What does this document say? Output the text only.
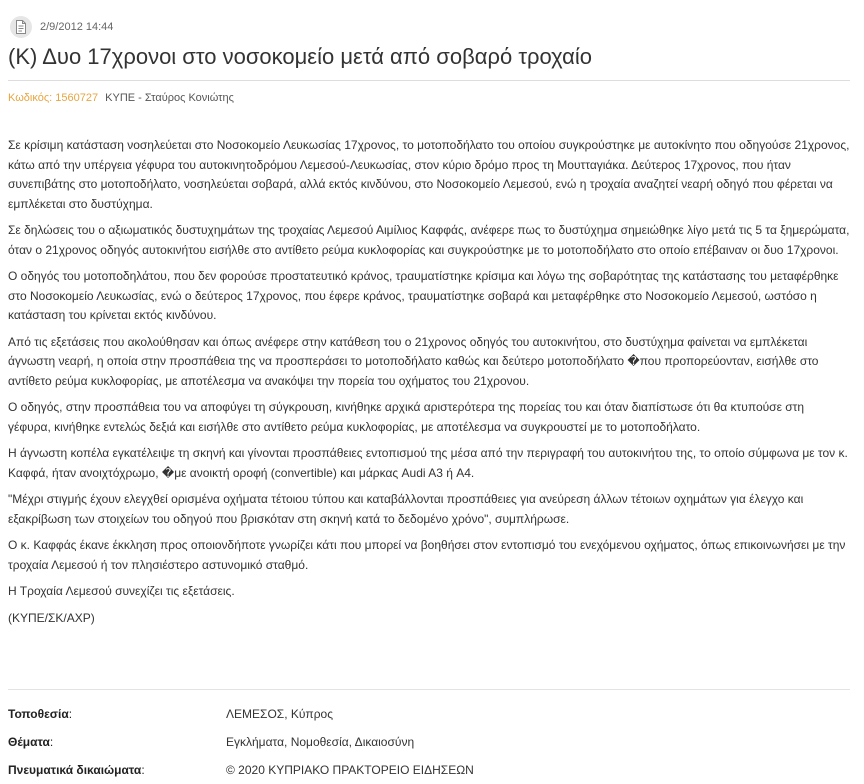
2/9/2012 14:44
(Κ) Δυο 17χρονοι στο νοσοκομείο μετά από σοβαρό τροχαίο
Κωδικός: 1560727 ΚΥΠΕ - Σταύρος Κονιώτης

Σε κρίσιμη κατάσταση νοσηλεύεται στο Νοσοκομείο Λευκωσίας 17χρονος, το μοτοποδήλατο του οποίου συγκρούστηκε με αυτοκίνητο που οδηγούσε 21χρονος, κάτω από την υπέργεια γέφυρα του αυτοκινητοδρόμου Λεμεσού-Λευκωσίας, στον κύριο δρόμο προς τη Μουτταγιάκα. Δεύτερος 17χρονος, που ήταν συνεπιβάτης στο μοτοποδήλατο, νοσηλεύεται σοβαρά, αλλά εκτός κινδύνου, στο Νοσοκομείο Λεμεσού, ενώ η τροχαία αναζητεί νεαρή οδηγό που φέρεται να εμπλέκεται στο δυστύχημα.

Σε δηλώσεις του ο αξιωματικός δυστυχημάτων της τροχαίας Λεμεσού Αιμίλιος Καφφάς, ανέφερε πως το δυστύχημα σημειώθηκε λίγο μετά τις 5 τα ξημερώματα, όταν ο 21χρονος οδηγός αυτοκινήτου εισήλθε στο αντίθετο ρεύμα κυκλοφορίας και συγκρούστηκε με το μοτοποδήλατο στο οποίο επέβαιναν οι δυο 17χρονοι.

Ο οδηγός του μοτοποδηλάτου, που δεν φορούσε προστατευτικό κράνος, τραυματίστηκε κρίσιμα και λόγω της σοβαρότητας της κατάστασης του μεταφέρθηκε στο Νοσοκομείο Λευκωσίας, ενώ ο δεύτερος 17χρονος, που έφερε κράνος, τραυματίστηκε σοβαρά και μεταφέρθηκε στο Νοσοκομείο Λεμεσού, ωστόσο η κατάσταση του κρίνεται εκτός κινδύνου.

Από τις εξετάσεις που ακολούθησαν και όπως ανέφερε στην κατάθεση του ο 21χρονος οδηγός του αυτοκινήτου, στο δυστύχημα φαίνεται να εμπλέκεται άγνωστη νεαρή, η οποία στην προσπάθεια της να προσπεράσει το μοτοποδήλατο καθώς και δεύτερο μοτοποδήλατο �που προπορεύονταν, εισήλθε στο αντίθετο ρεύμα κυκλοφορίας, με αποτέλεσμα να ανακόψει την πορεία του οχήματος του 21χρονου.

Ο οδηγός, στην προσπάθεια του να αποφύγει τη σύγκρουση, κινήθηκε αρχικά αριστερότερα της πορείας του και όταν διαπίστωσε ότι θα κτυπούσε στη γέφυρα, κινήθηκε εντελώς δεξιά και εισήλθε στο αντίθετο ρεύμα κυκλοφορίας, με αποτέλεσμα να συγκρουστεί με το μοτοποδήλατο.

Η άγνωστη κοπέλα εγκατέλειψε τη σκηνή και γίνονται προσπάθειες εντοπισμού της μέσα από την περιγραφή του αυτοκινήτου της, το οποίο σύμφωνα με τον κ. Καφφά, ήταν ανοιχτόχρωμο, �με ανοικτή οροφή (convertible) και μάρκας Audi A3 ή A4.

"Μέχρι στιγμής έχουν ελεγχθεί ορισμένα οχήματα τέτοιου τύπου και καταβάλλονται προσπάθειες για ανεύρεση άλλων τέτοιων οχημάτων για έλεγχο και εξακρίβωση των στοιχείων του οδηγού που βρισκόταν στη σκηνή κατά το δεδομένο χρόνο", συμπλήρωσε.

Ο κ. Καφφάς έκανε έκκληση προς οποιονδήποτε γνωρίζει κάτι που μπορεί να βοηθήσει στον εντοπισμό του ενεχόμενου οχήματος, όπως επικοινωνήσει με την τροχαία Λεμεσού ή τον πλησιέστερο αστυνομικό σταθμό.

Η Τροχαία Λεμεσού συνεχίζει τις εξετάσεις.

(ΚΥΠΕ/ΣΚ/ΑΧΡ)

Τοποθεσία:	ΛΕΜΕΣΟΣ, Κύπρος
Θέματα:	Εγκλήματα, Νομοθεσία, Δικαιοσύνη
Πνευματικά δικαιώματα:	© 2020 ΚΥΠΡΙΑΚΟ ΠΡΑΚΤΟΡΕΙΟ ΕΙΔΗΣΕΩΝ
